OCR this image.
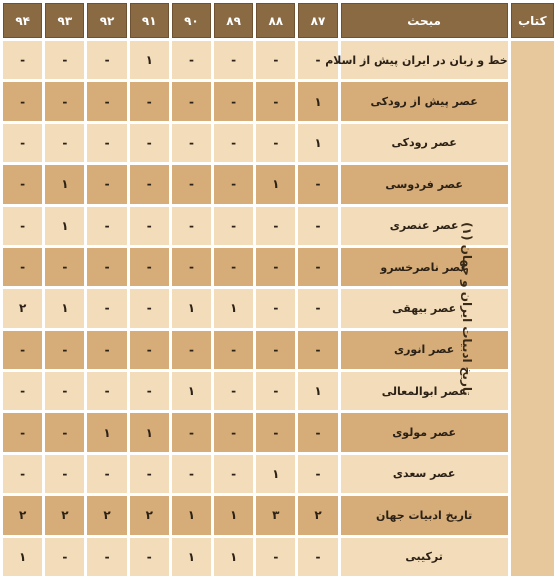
کتاب	مبحث	۸۷	۸۸	۸۹	۹۰	۹۱	۹۲	۹۳	۹۴
تاریخ ادبیات ایران و جهان (۱)	خط و زبان در ایران پیش از اسلام	-	-	-	-	۱	-	-	-
	عصر پیش از رودکی	۱	-	-	-	-	-	-	-
	عصر رودکی	۱	-	-	-	-	-	-	-
	عصر فردوسی	-	۱	-	-	-	-	۱	-
	عصر عنصری	-	-	-	-	-	-	۱	-
	عصر ناصرخسرو	-	-	-	-	-	-	-	-
	عصر بیهقی	-	-	۱	۱	-	-	۱	۲
	عصر انوری	-	-	-	-	-	-	-	-
	عصر ابوالمعالی	۱	-	-	۱	-	-	-	-
	عصر مولوی	-	-	-	-	۱	۱	-	-
	عصر سعدی	-	۱	-	-	-	-	-	-
	تاریخ ادبیات جهان	۲	۳	۱	۱	۲	۲	۲	۲
	ترکیبی	-	-	۱	۱	-	-	-	۱
